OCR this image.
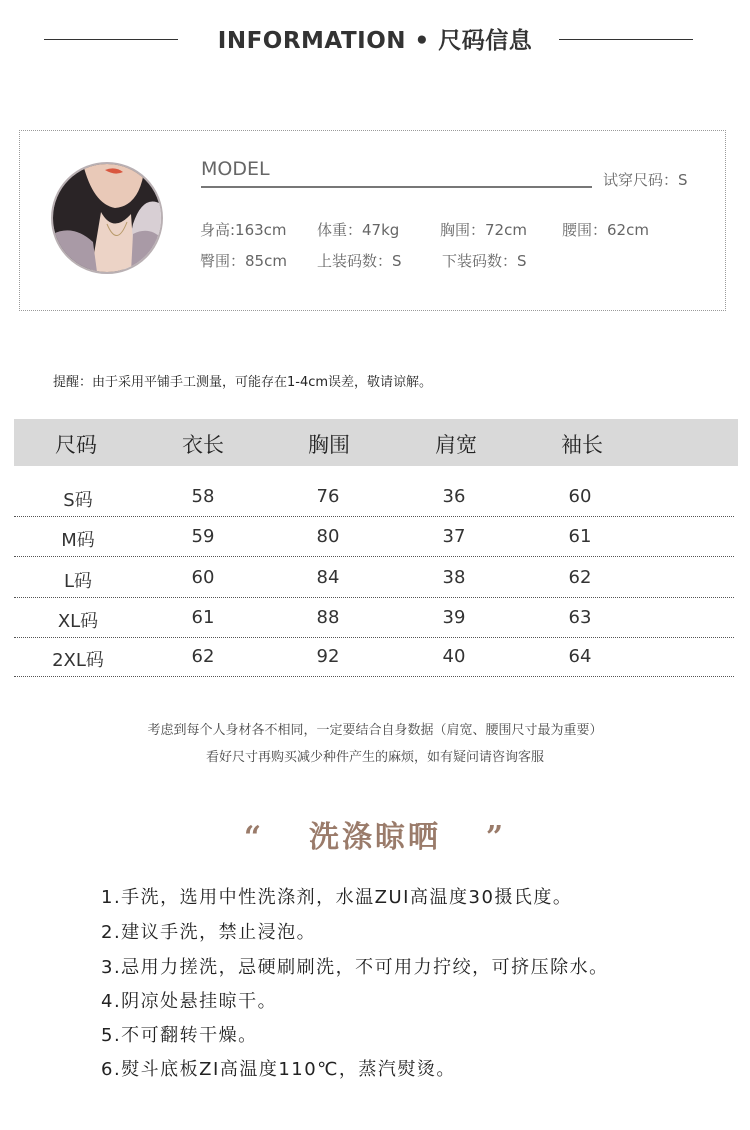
INFORMATION • 尺码信息
MODEL	试穿尺码：S
身高:163cm 体重：47kg	胸围：72cm 腰围：62cm
臀围：85cm 上装码数：S	下装码数：S
提醒：由于采用平铺手工测量，可能存在1-4cm误差，敬请谅解。
尺码	衣长	胸围	肩宽	袖长
S码	58	76	36	60
M码	59	80	37	61
L码	60	84	38	62
XL码	61	88	39	63
2XL码	62	92	40	64
考虑到每个人身材各不相同，一定要结合自身数据（肩宽、腰围尺寸最为重要）
看好尺寸再购买减少种件产生的麻烦，如有疑问请咨询客服
“ 洗涤晾晒 ”
1.手洗，选用中性洗涤剂，水温ZUI高温度30摄氏度。
2.建议手洗，禁止浸泡。
3.忌用力搓洗，忌硬刷刷洗，不可用力拧绞，可挤压除水。
4.阴凉处悬挂晾干。
5.不可翻转干燥。
6.熨斗底板ZI高温度110℃，蒸汽熨烫。
